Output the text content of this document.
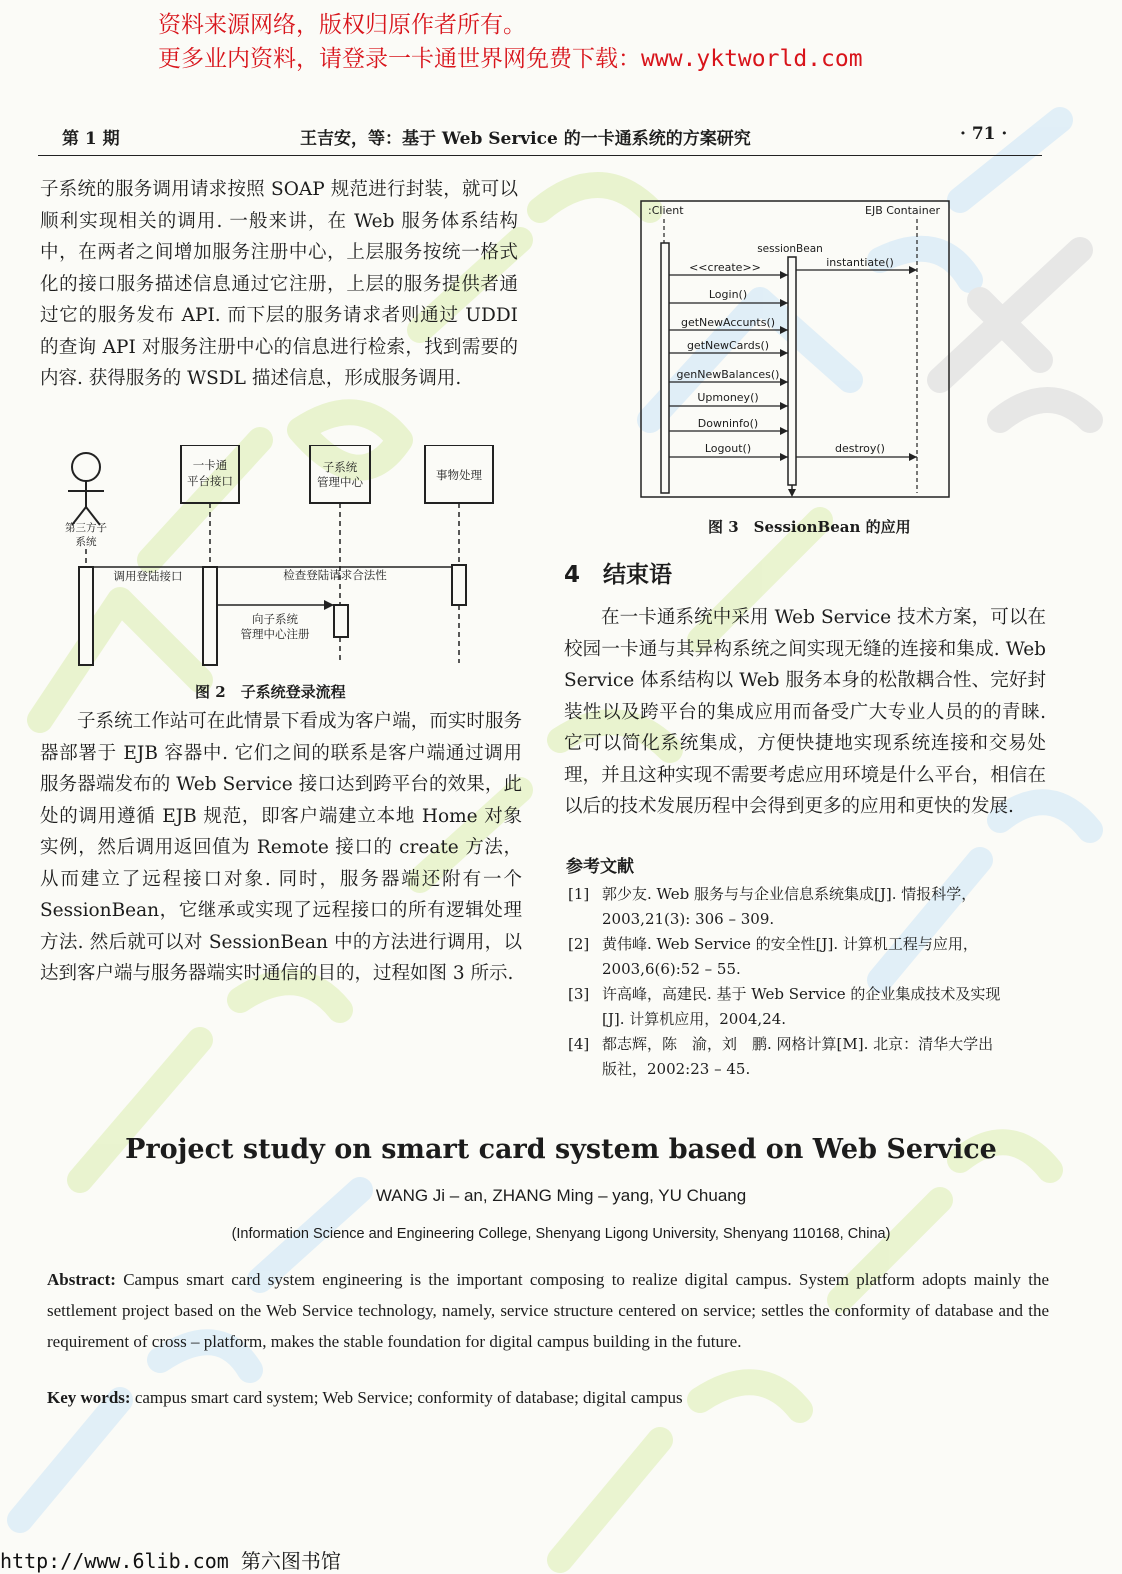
资料来源网络，版权归原作者所有。
更多业内资料，请登录一卡通世界网免费下载：www.yktworld.com
第 1 期	王吉安，等：基于 Web Service 的一卡通系统的方案研究	· 71 ·

子系统的服务调用请求按照 SOAP 规范进行封装，就可以顺利实现相关的调用. 一般来讲，在 Web 服务体系结构中，在两者之间增加服务注册中心，上层服务按统一格式化的接口服务描述信息通过它注册，上层的服务提供者通过它的服务发布 API. 而下层的服务请求者则通过 UDDI 的查询 API 对服务注册中心的信息进行检索，找到需要的内容. 获得服务的 WSDL 描述信息，形成服务调用.

第三方子
系统
一卡通
平台接口
子系统
管理中心	事物处理
调用登陆接口	检查登陆请求合法性
向子系统
管理中心注册
图 2　子系统登录流程

子系统工作站可在此情景下看成为客户端，而实时服务器部署于 EJB 容器中. 它们之间的联系是客户端通过调用服务器端发布的 Web Service 接口达到跨平台的效果，此处的调用遵循 EJB 规范，即客户端建立本地 Home 对象实例，然后调用返回值为 Remote 接口的 create 方法，从而建立了远程接口对象. 同时，服务器端还附有一个 SessionBean，它继承或实现了远程接口的所有逻辑处理方法. 然后就可以对 SessionBean 中的方法进行调用，以达到客户端与服务器端实时通信的目的，过程如图 3 所示.

:Client	EJB Container
sessionBean
<<create>>
Login()
getNewAccunts()
getNewCards()
genNewBalances()
Upmoney()
Downinfo()
Logout()
instantiate()
destroy()
图 3　SessionBean 的应用
4　结束语

在一卡通系统中采用 Web Service 技术方案，可以在校园一卡通与其异构系统之间实现无缝的连接和集成. Web Service 体系结构以 Web 服务本身的松散耦合性、完好封装性以及跨平台的集成应用而备受广大专业人员的的青睐. 它可以简化系统集成，方便快捷地实现系统连接和交易处理，并且这种实现不需要考虑应用环境是什么平台，相信在以后的技术发展历程中会得到更多的应用和更快的发展.

参考文献
[1] 郭少友. Web 服务与与企业信息系统集成[J]. 情报科学，
2003,21(3): 306 – 309.
[2] 黄伟峰. Web Service 的安全性[J]. 计算机工程与应用，
2003,6(6):52 – 55.
[3] 许高峰，高建民. 基于 Web Service 的企业集成技术及实现
[J]. 计算机应用，2004,24.
[4] 都志辉，陈　渝，刘　鹏. 网格计算[M]. 北京：清华大学出
版社，2002:23 – 45.
Project study on smart card system based on Web Service
WANG Ji – an, ZHANG Ming – yang, YU Chuang
(Information Science and Engineering College, Shenyang Ligong University, Shenyang 110168, China)
Abstract: Campus smart card system engineering is the important composing to realize digital campus. System platform adopts mainly the settlement project based on the Web Service technology, namely, service structure centered on service; settles the conformity of database and the requirement of cross – platform, makes the stable foundation for digital campus building in the future.
Key words: campus smart card system; Web Service; conformity of database; digital campus
http://www.6lib.com 第六图书馆
